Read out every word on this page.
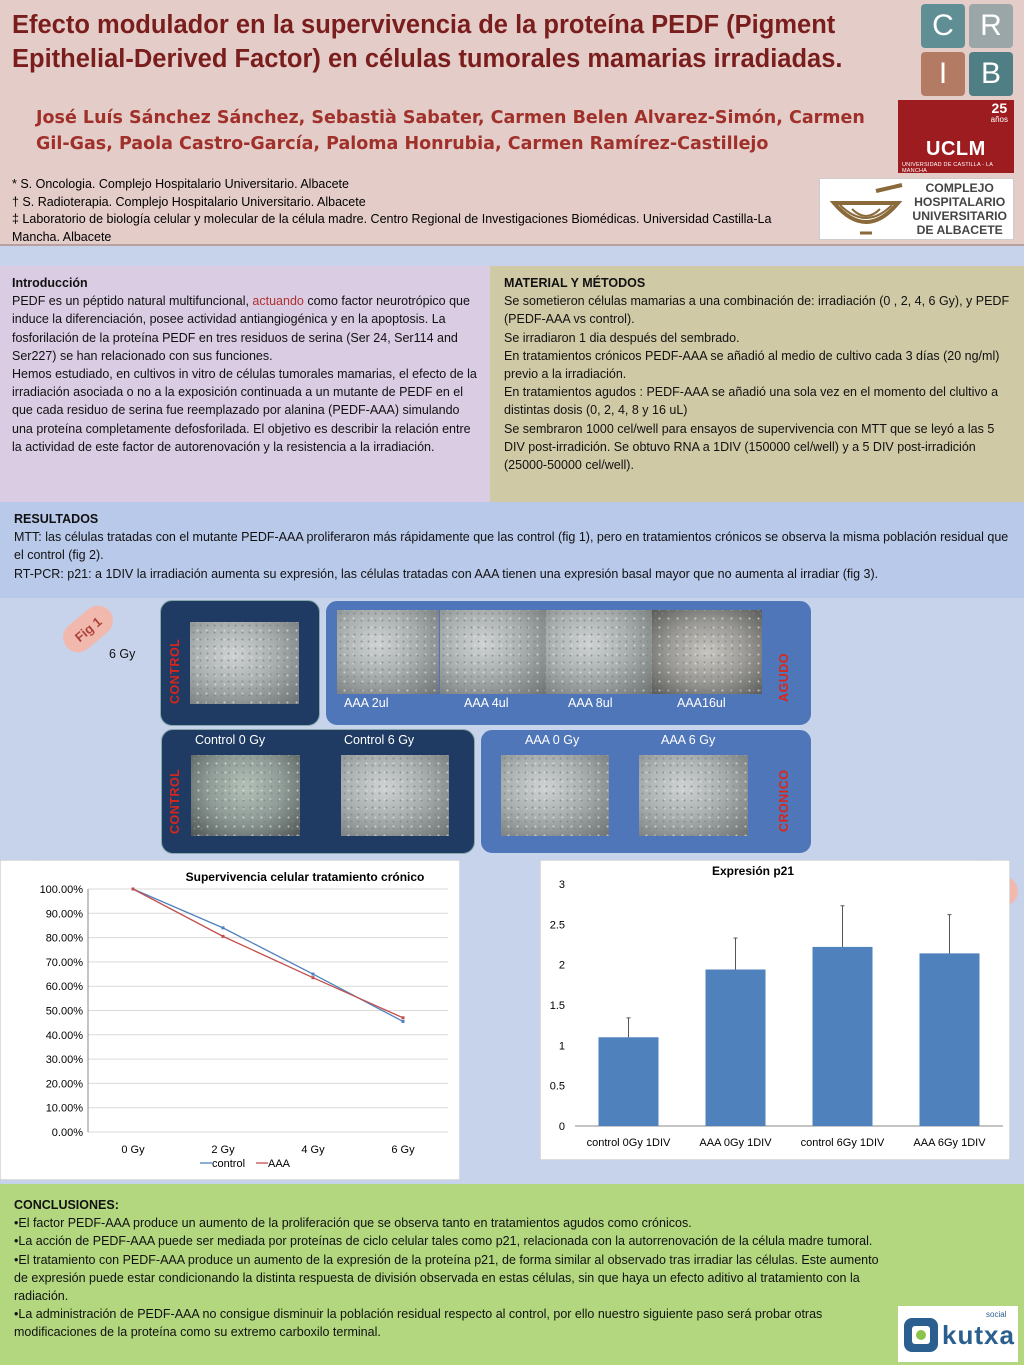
Efecto modulador en la supervivencia de la proteína PEDF (Pigment Epithelial-Derived Factor) en células tumorales mamarias irradiadas.
José Luís Sánchez Sánchez, Sebastià Sabater, Carmen Belen Alvarez-Simón, Carmen Gil-Gas, Paola Castro-García, Paloma Honrubia, Carmen Ramírez-Castillejo
* S. Oncologia. Complejo Hospitalario Universitario. Albacete
† S. Radioterapia. Complejo Hospitalario Universitario. Albacete
‡ Laboratorio de biología celular y molecular de la célula madre. Centro Regional de Investigaciones Biomédicas. Universidad Castilla-La Mancha. Albacete
C R
I	B
25
años
UCLM
UNIVERSIDAD DE CASTILLA - LA MANCHA
COMPLEJO
HOSPITALARIO
UNIVERSITARIO
DE ALBACETE
Introducción

PEDF es un péptido natural multifuncional, actuando como factor neurotrópico que induce la diferenciación, posee actividad antiangiogénica y en la apoptosis. La fosforilación de la proteína PEDF en tres residuos de serina (Ser 24, Ser114 and Ser227) se han relacionado con sus funciones.

Hemos estudiado, en cultivos in vitro de células tumorales mamarias, el efecto de la irradiación asociada o no a la exposición continuada a un mutante de PEDF en el que cada residuo de serina fue reemplazado por alanina (PEDF-AAA) simulando una proteína completamente defosforilada. El objetivo es describir la relación entre la actividad de este factor de autorenovación y la resistencia a la irradiación.

MATERIAL Y MÉTODOS

Se sometieron células mamarias a una combinación de: irradiación (0 , 2, 4, 6 Gy), y PEDF (PEDF-AAA vs control).

Se irradiaron 1 dia después del sembrado.

En tratamientos crónicos PEDF-AAA se añadió al medio de cultivo cada 3 días (20 ng/ml) previo a la irradiación.

En tratamientos agudos : PEDF-AAA se añadió una sola vez en el momento del clultivo a distintas dosis (0, 2, 4, 8 y 16 uL)

Se sembraron 1000 cel/well para ensayos de supervivencia con MTT que se leyó a las 5 DIV post-irradición. Se obtuvo RNA a 1DIV (150000 cel/well) y a 5 DIV post-irradición (25000-50000 cel/well).

RESULTADOS

MTT: las células tratadas con el mutante PEDF-AAA proliferaron más rápidamente que las control (fig 1), pero en tratamientos crónicos se observa la misma población residual que el control (fig 2).

RT-PCR: p21: a 1DIV la irradiación aumenta su expresión, las células tratadas con AAA tienen una expresión basal mayor que no aumenta al irradiar (fig 3).

Fig 1
6 Gy	CONTROL	AAA 2ul	AAA 4ul	AAA 8ul	AAA16ul
AGUDO
Control 0 Gy	Control 6 Gy
CONTROL
AAA 0 Gy	AAA 6 Gy
CRONICO
Supervivencia celular tratamiento crónico
100.00%
90.00%
80.00%
70.00%
60.00%
50.00%
40.00%
30.00%
20.00%
10.00%
0.00%
0 Gy	2 Gy	4 Gy	6 Gy
control AAA
Expresión p21
3
2.5
2
1.5
1
0.5
0
control 0Gy 1DIV	AAA 0Gy 1DIV	control 6Gy 1DIV	AAA 6Gy 1DIV
CONCLUSIONES:

•El factor PEDF-AAA produce un aumento de la proliferación que se observa tanto en tratamientos agudos como crónicos.

•La acción de PEDF-AAA puede ser mediada por proteínas de ciclo celular tales como p21, relacionada con la autorrenovación de la célula madre tumoral.

•El tratamiento con PEDF-AAA produce un aumento de la expresión de la proteína p21, de forma similar al observado tras irradiar las células. Este aumento de expresión puede estar condicionando la distinta respuesta de división observada en estas células, sin que haya un efecto aditivo al tratamiento con la radiación.

•La administración de PEDF-AAA no consigue disminuir la población residual respecto al control, por ello nuestro siguiente paso será probar otras modificaciones de la proteína como su extremo carboxilo terminal.

social
kutxa
